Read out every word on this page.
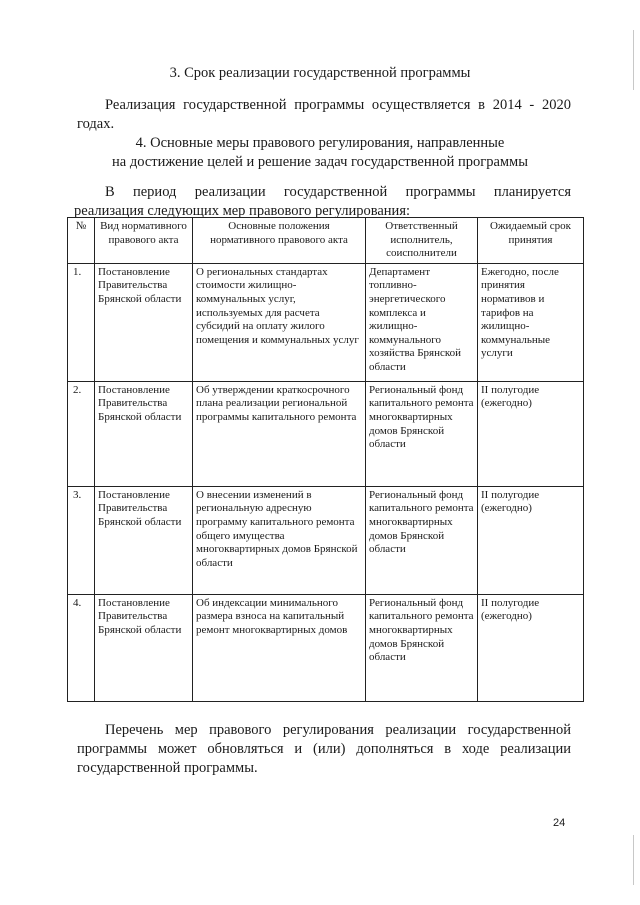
3. Срок реализации государственной программы
Реализация государственной программы осуществляется в 2014 - 2020
годах.
4. Основные меры правового регулирования, направленные
на достижение целей и решение задач государственной программы
В период реализации государственной программы планируется
реализация следующих мер правового регулирования:
№	Вид нормативного правового акта	Основные положения нормативного правового акта	Ответственный исполнитель, соисполнители	Ожидаемый срок принятия
1.	Постановление Правительства Брянской области	О региональных стандартах стоимости жилищно-коммунальных услуг, используемых для расчета субсидий на оплату жилого помещения и коммунальных услуг	Департамент топливно-энергетического комплекса и жилищно-коммунального хозяйства Брянской области	Ежегодно, после принятия нормативов и тарифов на жилищно-коммунальные услуги
2.	Постановление Правительства Брянской области	Об утверждении краткосрочного плана реализации региональной программы капитального ремонта	Региональный фонд капитального ремонта многоквартирных домов Брянской области	II полугодие (ежегодно)
3.	Постановление Правительства Брянской области	О внесении изменений в региональную адресную программу капитального ремонта общего имущества многоквартирных домов Брянской области	Региональный фонд капитального ремонта многоквартирных домов Брянской области	II полугодие (ежегодно)
4.	Постановление Правительства Брянской области	Об индексации минимального размера взноса на капитальный ремонт многоквартирных домов	Региональный фонд капитального ремонта многоквартирных домов Брянской области	II полугодие (ежегодно)
Перечень мер правового регулирования реализации государственной
программы может обновляться и (или) дополняться в ходе реализации
государственной программы.
24
